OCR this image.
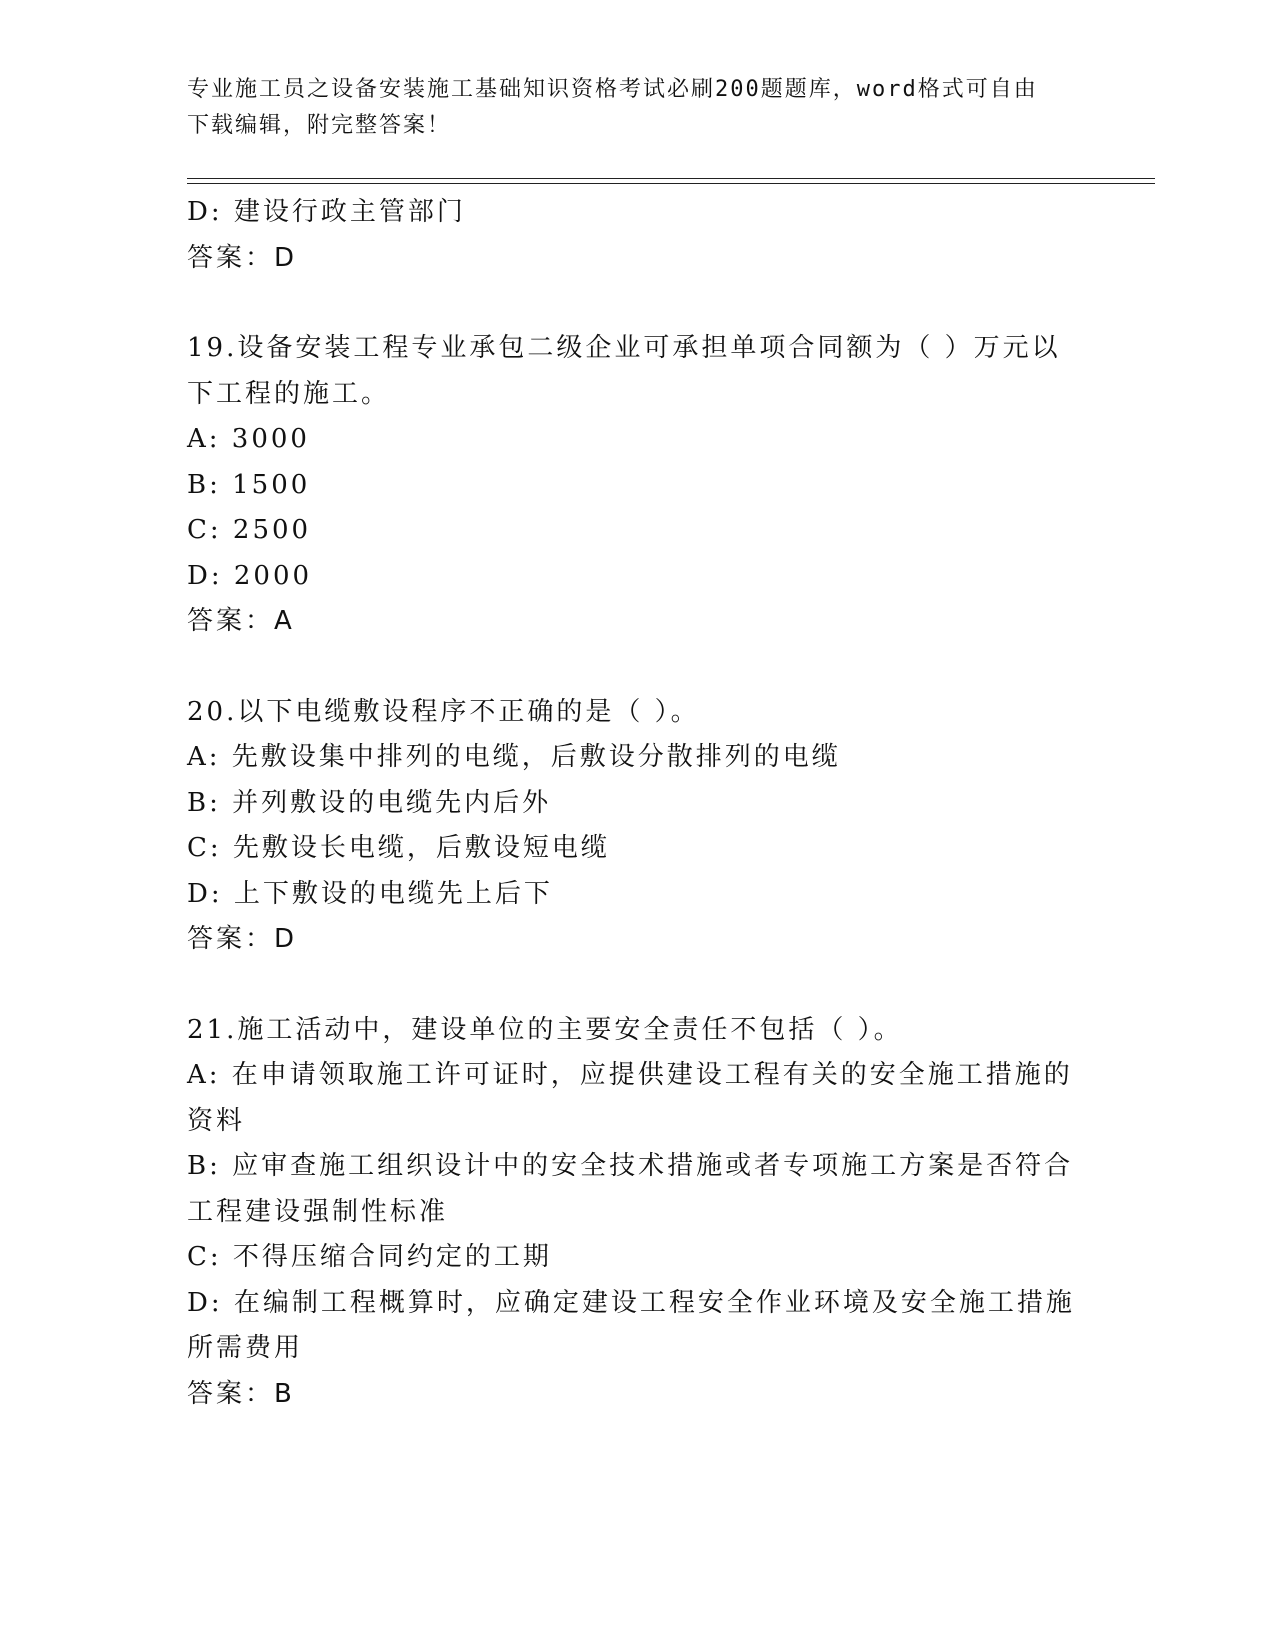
专业施工员之设备安装施工基础知识资格考试必刷200题题库，word格式可自由
下载编辑，附完整答案！
D: 建设行政主管部门
答案：D
19.设备安装工程专业承包二级企业可承担单项合同额为（ ）万元以
下工程的施工。
A: 3000
B: 1500
C: 2500
D: 2000
答案：A
20.以下电缆敷设程序不正确的是（ ）。
A: 先敷设集中排列的电缆，后敷设分散排列的电缆
B: 并列敷设的电缆先内后外
C: 先敷设长电缆，后敷设短电缆
D: 上下敷设的电缆先上后下
答案：D
21.施工活动中，建设单位的主要安全责任不包括（ ）。
A: 在申请领取施工许可证时，应提供建设工程有关的安全施工措施的
资料
B: 应审查施工组织设计中的安全技术措施或者专项施工方案是否符合
工程建设强制性标准
C: 不得压缩合同约定的工期
D: 在编制工程概算时，应确定建设工程安全作业环境及安全施工措施
所需费用
答案：B
